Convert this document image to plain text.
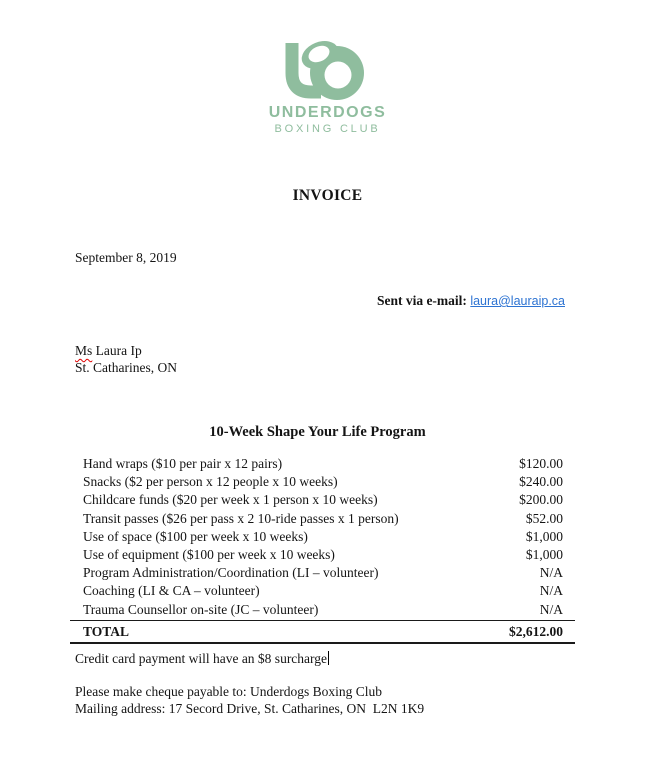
UNDERDOGS
BOXING CLUB
INVOICE
September 8, 2019
Sent via e-mail: laura@lauraip.ca
Ms Laura Ip
St. Catharines, ON
10-Week Shape Your Life Program
Hand wraps ($10 per pair x 12 pairs)	$120.00
Snacks ($2 per person x 12 people x 10 weeks)	$240.00
Childcare funds ($20 per week x 1 person x 10 weeks)	$200.00
Transit passes ($26 per pass x 2 10-ride passes x 1 person)	$52.00
Use of space ($100 per week x 10 weeks)	$1,000
Use of equipment ($100 per week x 10 weeks)	$1,000
Program Administration/Coordination (LI – volunteer)	N/A
Coaching (LI & CA – volunteer)	N/A
Trauma Counsellor on-site (JC – volunteer)	N/A
TOTAL	$2,612.00
Credit card payment will have an $8 surcharge
Please make cheque payable to: Underdogs Boxing Club
Mailing address: 17 Secord Drive, St. Catharines, ON  L2N 1K9
